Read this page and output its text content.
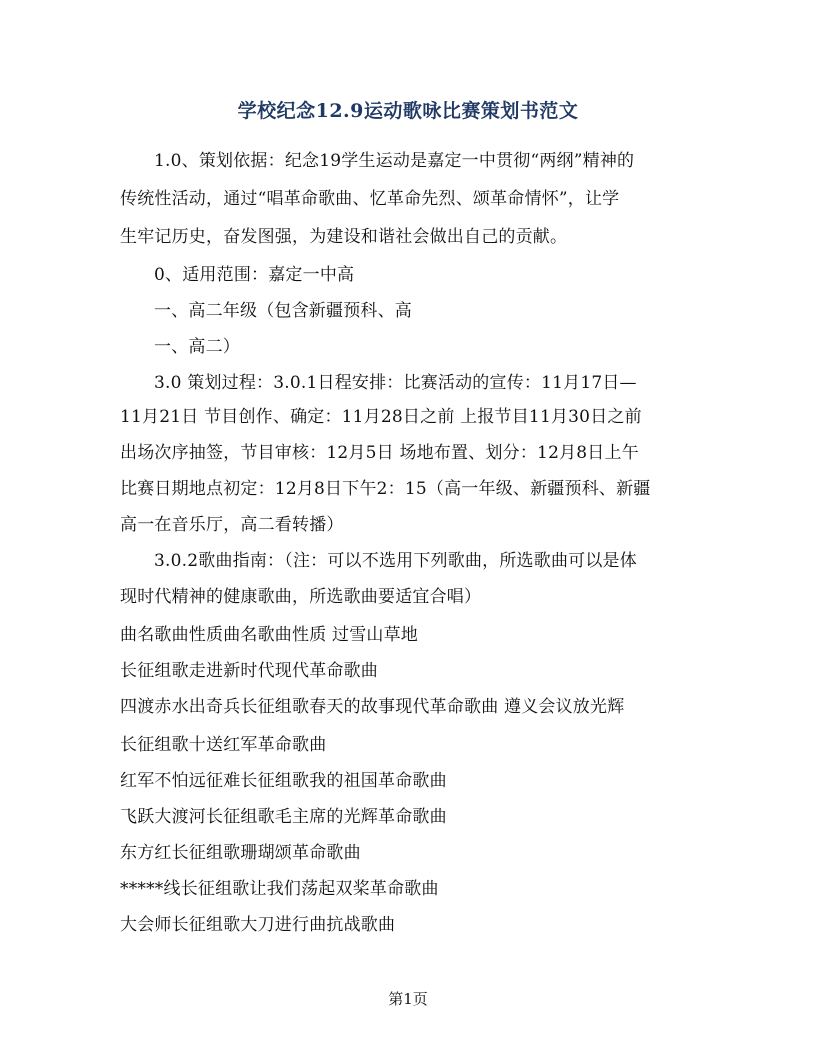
学校纪念12.9运动歌咏比赛策划书范文
1.0、策划依据：纪念19学生运动是嘉定一中贯彻“两纲”精神的
传统性活动，通过“唱革命歌曲、忆革命先烈、颂革命情怀”，让学
生牢记历史，奋发图强，为建设和谐社会做出自己的贡献。
0、适用范围：嘉定一中高
一、高二年级（包含新疆预科、高
一、高二）
3.0 策划过程：3.0.1日程安排：比赛活动的宣传：11月17日—
11月21日 节目创作、确定：11月28日之前 上报节目11月30日之前
出场次序抽签，节目审核：12月5日 场地布置、划分：12月8日上午
比赛日期地点初定：12月8日下午2：15（高一年级、新疆预科、新疆
高一在音乐厅，高二看转播）
3.0.2歌曲指南：（注：可以不选用下列歌曲，所选歌曲可以是体
现时代精神的健康歌曲，所选歌曲要适宜合唱）
曲名歌曲性质曲名歌曲性质 过雪山草地
长征组歌走进新时代现代革命歌曲
四渡赤水出奇兵长征组歌春天的故事现代革命歌曲 遵义会议放光辉
长征组歌十送红军革命歌曲
红军不怕远征难长征组歌我的祖国革命歌曲
飞跃大渡河长征组歌毛主席的光辉革命歌曲
东方红长征组歌珊瑚颂革命歌曲
*****线长征组歌让我们荡起双桨革命歌曲
大会师长征组歌大刀进行曲抗战歌曲
第1页
